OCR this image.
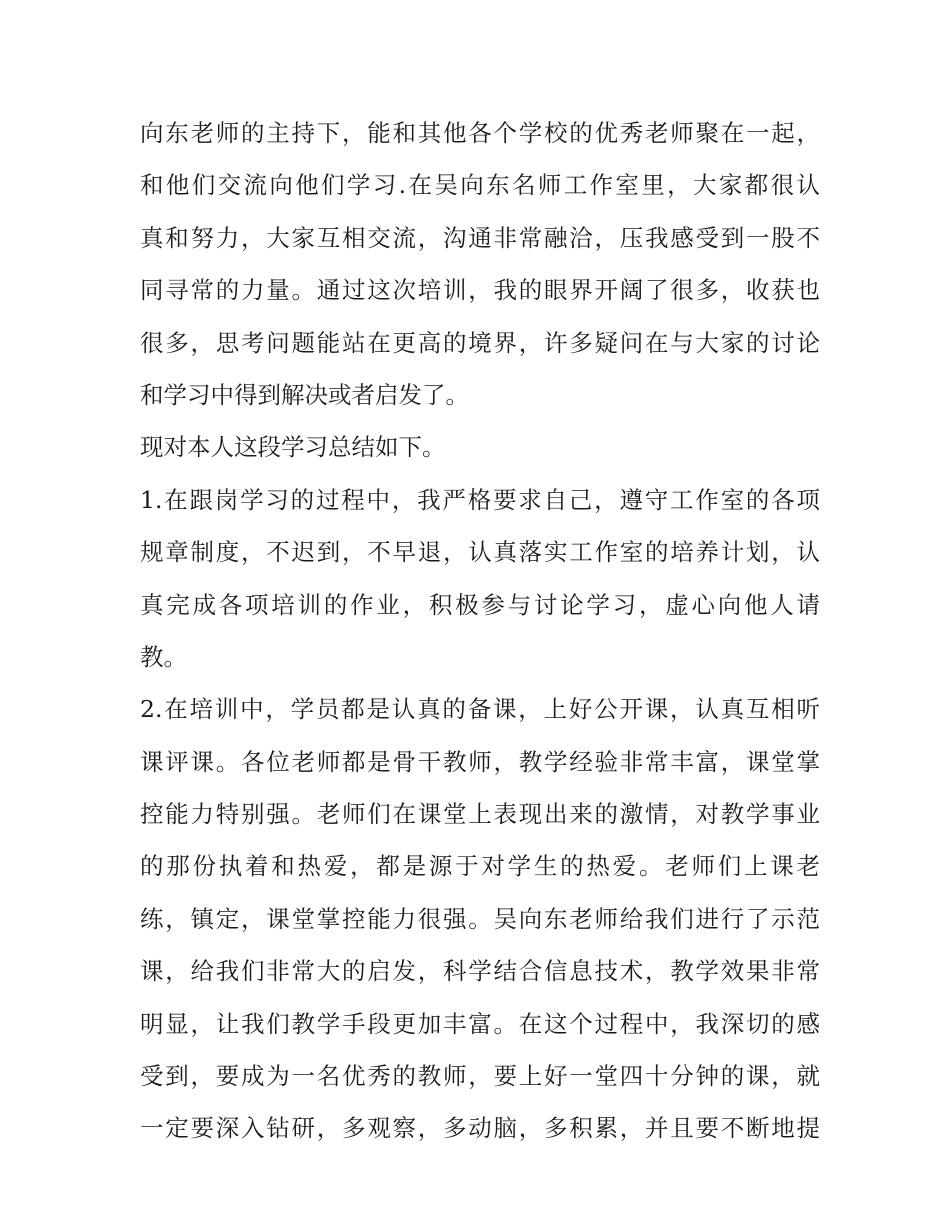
向东老师的主持下，能和其他各个学校的优秀老师聚在一起，
和他们交流向他们学习.在吴向东名师工作室里，大家都很认
真和努力，大家互相交流，沟通非常融洽，压我感受到一股不
同寻常的力量。通过这次培训，我的眼界开阔了很多，收获也
很多，思考问题能站在更高的境界，许多疑问在与大家的讨论
和学习中得到解决或者启发了。
现对本人这段学习总结如下。
1.在跟岗学习的过程中，我严格要求自己，遵守工作室的各项
规章制度，不迟到，不早退，认真落实工作室的培养计划，认
真完成各项培训的作业，积极参与讨论学习，虚心向他人请
教。
2.在培训中，学员都是认真的备课，上好公开课，认真互相听
课评课。各位老师都是骨干教师，教学经验非常丰富，课堂掌
控能力特别强。老师们在课堂上表现出来的激情，对教学事业
的那份执着和热爱，都是源于对学生的热爱。老师们上课老
练，镇定，课堂掌控能力很强。吴向东老师给我们进行了示范
课，给我们非常大的启发，科学结合信息技术，教学效果非常
明显，让我们教学手段更加丰富。在这个过程中，我深切的感
受到，要成为一名优秀的教师，要上好一堂四十分钟的课，就
一定要深入钻研，多观察，多动脑，多积累，并且要不断地提
